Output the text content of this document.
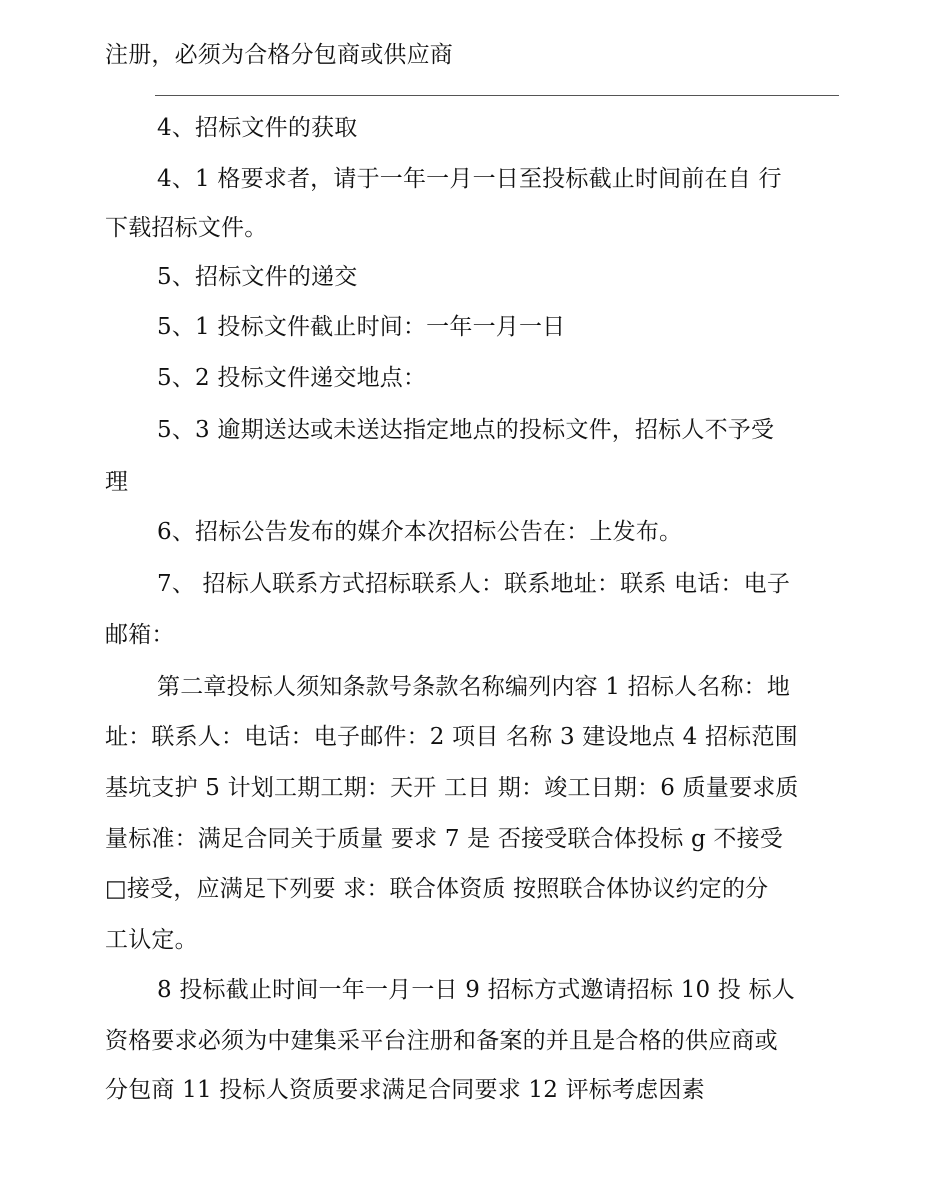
注册，必须为合格分包商或供应商
4、招标文件的获取
4、1 格要求者，请于一年一月一日至投标截止时间前在自 行
下载招标文件。
5、招标文件的递交
5、1 投标文件截止时间：一年一月一日
5、2 投标文件递交地点：
5、3 逾期送达或未送达指定地点的投标文件，招标人不予受
理
6、招标公告发布的媒介本次招标公告在：上发布。
7、 招标人联系方式招标联系人：联系地址：联系 电话：电子
邮箱：
第二章投标人须知条款号条款名称编列内容 1 招标人名称：地
址：联系人：电话：电子邮件：2 项目 名称 3 建设地点 4 招标范围
基坑支护 5 计划工期工期：天开 工日 期：竣工日期：6 质量要求质
量标准：满足合同关于质量 要求 7 是 否接受联合体投标 g 不接受
□接受，应满足下列要 求：联合体资质 按照联合体协议约定的分
工认定。
8 投标截止时间一年一月一日 9 招标方式邀请招标 10 投 标人
资格要求必须为中建集采平台注册和备案的并且是合格的供应商或
分包商 11 投标人资质要求满足合同要求 12 评标考虑因素
